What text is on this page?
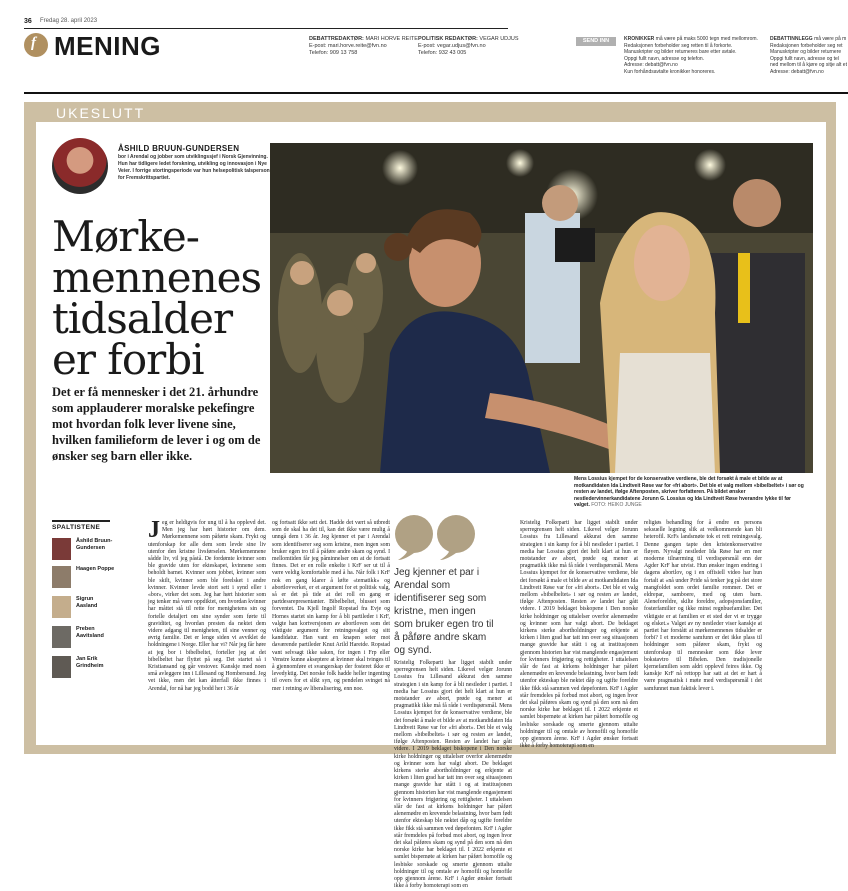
36 Fredag 28. april 2023
f MENING	DEBATTREDAKTØR: MARI HORVE REITE
E-post: mari.horve.reite@fvn.no
Telefon: 909 13 758
POLITISK REDAKTØR: VEGAR UDJUS
E-post: vegar.udjus@fvn.no
Telefon: 932 43 005
SEND INN	KRONIKKER må være på maks 5000 tegn med mellomrom.
Redaksjonen forbeholder seg retten til å forkorte.
Manuskripter og bilder returneres bare etter avtale.
Oppgi fullt navn, adresse og telefon.
Adresse: debatt@fvn.no
Kun forhåndsavtalte kronikker honoreres.
DEBATTINNLEGG må være på m
Redaksjonen forbeholder seg ret
Manuskripter og bilder returnere
Oppgi fullt navn, adresse og tel
ned mellom til å kjøre og sitje alt et
Adresse: debatt@fvn.no
UKESLUTT
ÅSHILD BRUUN-GUNDERSEN
bor i Arendal og jobber som utviklingssjef i Norsk Gjenvinning. Hun har tidligere ledet forskning, utvikling og innovasjon i Nye Veier. I forrige stortingsperiode var hun helsepolitisk talsperson for Fremskrittspartiet.
Mørkemennenes tidsalder er forbi
Det er få mennesker i det 21. århundre som applauderer moralske pekefingre mot hvordan folk lever livene sine, hvilken familieform de lever i og om de ønsker seg barn eller ikke.
Mens Lossius kjempet for de konservative verdiene, ble det forsøkt å male et bilde av at motkandidaten Ida Lindtveit Røse var for «fri abort». Det ble et valg mellom «bibelbeltet» i sør og resten av landet, ifølge Aftenposten, skriver forfatteren. På bildet ønsker nestledervinnerkandidatene Jorunn G. Lossius og Ida Lindtveit Røse hverandre lykke til før valget. FOTO: HEIKO JUNGE
SPALTISTENE
Åshild Bruun-Gundersen
Haagen Poppe
Sigrun Aasland
Preben Aavitsland
Jan Erik Grindheim
Jeg er heldigvis for ung til å ha opplevd det. Men jeg har hørt historier om dem. Mørkemennene som påførte skam. Frykt og utenforskap for alle dem som levde sine liv utenfor den kristne livsførselen. Mørkemennene sådde liv, vil jeg påstå. De fordømte kvinner som ble gravide uten for ekteskapet, kvinnene som beholdt barnet. Kvinner som jobbet, kvinner som ble skilt, kvinner som ble forelsket i andre kvinner. Kvinner levde stort sett i synd eller i «bor», virker det som. Jeg har hørt historier som jeg tenker må være oppdiktet, om hvordan kvinner har måttet stå til rette for menighetens sin og fortelle detaljert om sine synder som førte til graviditet, og hvordan presten da nektet dem videre adgang til menigheten, til sine venner og øvrig familie. Det er lenge siden vi avviklet de holdningene i Norge. Eller har vi? Når jeg får høre at jeg bor i bibelbeltet, forteller jeg at det bibelbeltet har flyttet på seg. Det startet så i Kristiansand og går vestover. Kanskje med noen små avleggere inn i Lillesand og Hombersund. Jeg vet ikke, men det kan åtterfall ikke finnes i Arendal, for nå har jeg bodd her i 36 år
og fortsatt ikke sett det. Hadde det vært så utbredt som de skal ha det til, kan det ikke være mulig å unngå dem i 36 år. Jeg kjenner et par i Arendal som identifiserer seg som kristne, men ingen som bruker egen tro til å påføre andre skam og synd. I mellomtiden får jeg påminnelser om at de fortsatt finnes. Det er en rolle enkelte i KrF ser ut til å være veldig komfortable med å ha. Når folk i KrF nok en gang klarer å løfte «tematikk» og abortlovverket, er et argument for et politisk valg, så er det på tide at det roll en gang er partdessrepresentanter. Bibelbeltet, blusset som forventet. Da Kjell Ingolf Ropstad fra Evje og Hornes startet sin kamp for å bli partileder i KrF, valgte han kortversjonen av abortloven som det viktigste argument for retningsvalget og sitt kandidatur. Han vant en knapen seier mot daværende partileder Knut Arild Hareide. Ropstad vant selvsagt ikke saken, for ingen i Frp eller Venstre kunne akseptere at kvinner skal tvinges til å gjennomføre et svangerskap der fosteret ikke er levedyktig. Det norske folk hadde heller ingenting til overs for et slikt syn, og pendelen svinget nå mer i retning av liberalisering, enn noe.
Jeg kjenner et par i Arendal som identifiserer seg som kristne, men ingen som bruker egen tro til å påføre andre skam og synd.
Kristelig Folkeparti har ligget stabilt under sperregrensen helt siden. Likevel velger Jorunn Lossius fra Lillesand akkurat den samme strategien i sin kamp for å bli nestleder i partiet. I media har Lossius gjort det helt klart at hun er motstander av abort, prøde og mener at pragmatikk ikke må få råde i verdispørsmål. Mens Lossius kjempet for de konservative verdiene, ble det forsøkt å male et bilde av at motkandidaten Ida Lindtveit Røse var for «fri abort». Det ble et valg mellom «bibelbeltet» i sør og resten av landet, ifølge Aftenposten. Resten av landet har gått videre. I 2019 beklaget biskopene i Den norske kirke holdninger og uttalelser overfor alenemødre og kvinner som har valgt abort. De beklaget kirkens sterke abortholdninger og erkjente at kirken i liten grad har tatt inn over seg situasjonen mange gravide har stått i og at institusjonen gjennom historien har vist manglende engasjement for kvinners frigjøring og rettigheter. I uttalelsen slår de fast at kirkens holdninger har påført alenemødre en krevende belastning, hvor barn født utenfor ekteskap ble nektet dåp og ugifte foreldre ikke fikk stå sammen ved døpefonten. KrF i Agder står fremdeles på forbud mot abort, og ingen hvor det skal påføres skam og synd på den som nå den norske kirke har beklaget til. I 2022 erkjente et samlet bispemøte at kirken har påført homofile og lesbiske sorskade og smerte gjennom uttalte holdninger til og omtale av homofili og homofile opp gjennom årene. KrF i Agder ønsker fortsatt ikke å forby homoterapi som en
Kristelig Folkeparti har ligget stabilt under sperregrensen helt siden. Likevel velger Jorunn Lossius fra Lillesand akkurat den samme strategien i sin kamp for å bli nestleder i partiet. I media har Lossius gjort det helt klart at hun er motstander av abort, prøde og mener at pragmatikk ikke må få råde i verdispørsmål. Mens Lossius kjempet for de konservative verdiene, ble det forsøkt å male et bilde av at motkandidaten Ida Lindtveit Røse var for «fri abort». Det ble et valg mellom «bibelbeltet» i sør og resten av landet, ifølge Aftenposten. Resten av landet har gått videre. I 2019 beklaget biskopene i Den norske kirke holdninger og uttalelser overfor alenemødre og kvinner som har valgt abort. De beklaget kirkens sterke abortholdninger og erkjente at kirken i liten grad har tatt inn over seg situasjonen mange gravide har stått i og at institusjonen gjennom historien har vist manglende engasjement for kvinners frigjøring og rettigheter. I uttalelsen slår de fast at kirkens holdninger har påført alenemødre en krevende belastning, hvor barn født utenfor ekteskap ble nektet dåp og ugifte foreldre ikke fikk stå sammen ved døpefonten. KrF i Agder står fremdeles på forbud mot abort, og ingen hvor det skal påføres skam og synd på den som nå den norske kirke har beklaget til. I 2022 erkjente et samlet bispemøte at kirken har påført homofile og lesbiske sorskade og smerte gjennom uttalte holdninger til og omtale av homofili og homofile opp gjennom årene. KrF i Agder ønsker fortsatt ikke å forby homoterapi som en
religiøs behandling for å endre en persons seksuelle legning slik at vedkommende kan bli heterofil. KrFs landsmøte tok et rett retningsvalg. Denne gangen tapte den kristenkonservative fløyen. Nyvalgt nestleder Ida Røse har en mer moderne tilnærming til verdispørsmål enn der Agder KrF har utvist. Hun ønsker ingen endring i dagens abortlov, og i en offisiell video har hun fortalt at «nå under Pride så tenker jeg på det store mangfoldet som ordet familie rommer. Det er eldrepar, samboere, med og uten barn. Aleneforeldre, skilte foreldre, adopsjonsfamilier, fosterfamilier og ikke minst regnbuefamilier. Det viktigste er at familien er et sted der vi er trygge og elsket.» Valget av ny nestleder viser kanskje at partiet har forstått at mørkemennenes tidsalder er forbi? I et moderne samfunn er det ikke plass til holdninger som påfører skam, frykt og utenforskap til mennesker som ikke lever bokstavtro til Bibelen. Den tradisjonelle kjernefamilien som aldri opplevd feires ikke. Og kanskje KrF nå rettopp har satt at det er hart å være pragmatisk i møte med verdispørsmål i det samfunnet man faktisk lever i.
